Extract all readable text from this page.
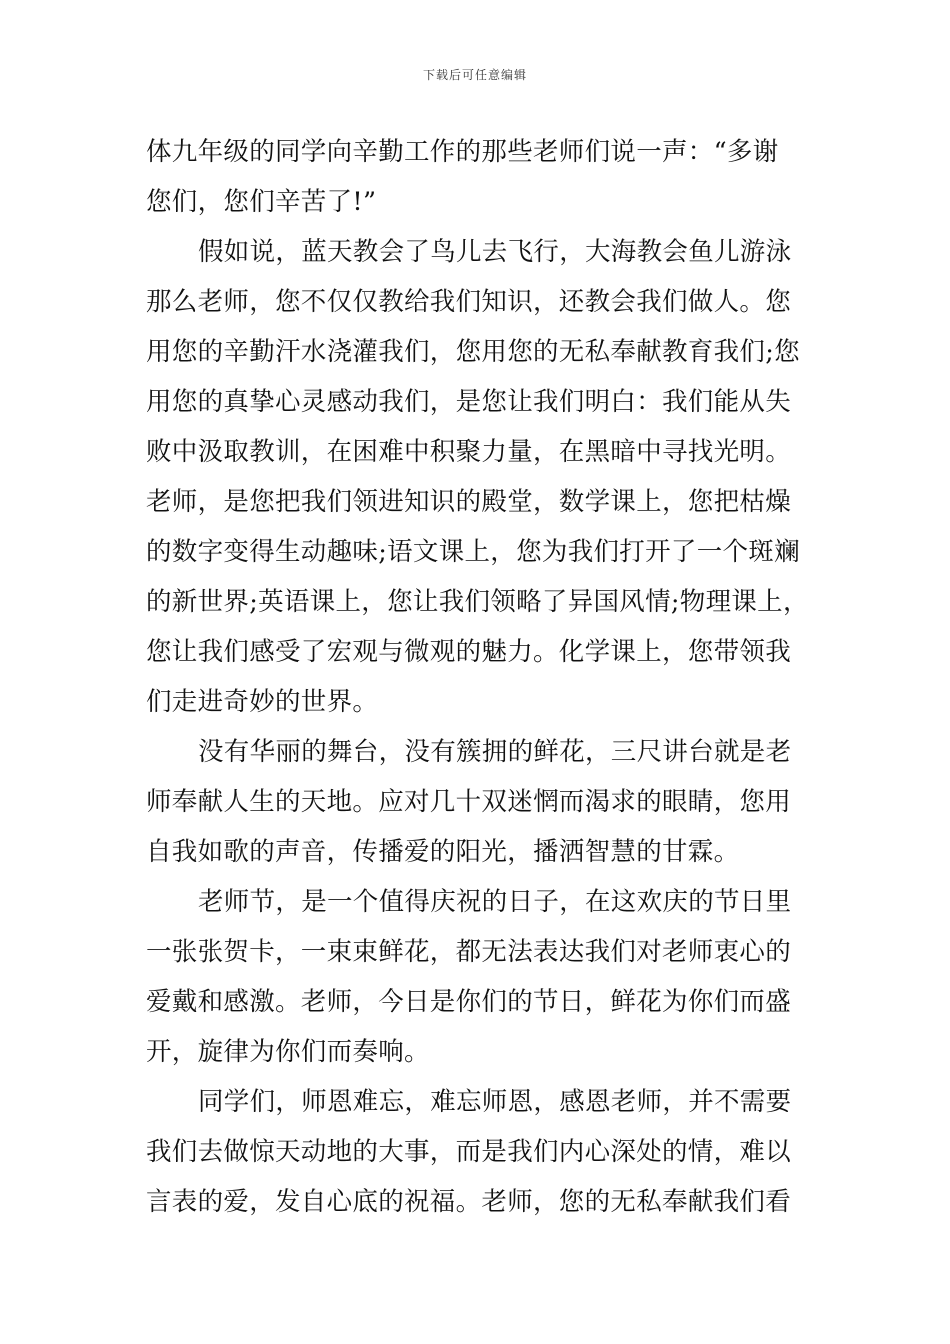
下载后可任意编辑
体九年级的同学向辛勤工作的那些老师们说一声：“多谢
您们，您们辛苦了!”
假如说，蓝天教会了鸟儿去飞行，大海教会鱼儿游泳
那么老师，您不仅仅教给我们知识，还教会我们做人。您
用您的辛勤汗水浇灌我们，您用您的无私奉献教育我们;您
用您的真挚心灵感动我们，是您让我们明白：我们能从失
败中汲取教训，在困难中积聚力量，在黑暗中寻找光明。
老师，是您把我们领进知识的殿堂，数学课上，您把枯燥
的数字变得生动趣味;语文课上，您为我们打开了一个斑斓
的新世界;英语课上，您让我们领略了异国风情;物理课上，
您让我们感受了宏观与微观的魅力。化学课上，您带领我
们走进奇妙的世界。
没有华丽的舞台，没有簇拥的鲜花，三尺讲台就是老
师奉献人生的天地。应对几十双迷惘而渴求的眼睛，您用
自我如歌的声音，传播爱的阳光，播洒智慧的甘霖。
老师节，是一个值得庆祝的日子，在这欢庆的节日里
一张张贺卡，一束束鲜花，都无法表达我们对老师衷心的
爱戴和感激。老师，今日是你们的节日，鲜花为你们而盛
开，旋律为你们而奏响。
同学们，师恩难忘，难忘师恩，感恩老师，并不需要
我们去做惊天动地的大事，而是我们内心深处的情，难以
言表的爱，发自心底的祝福。老师，您的无私奉献我们看
